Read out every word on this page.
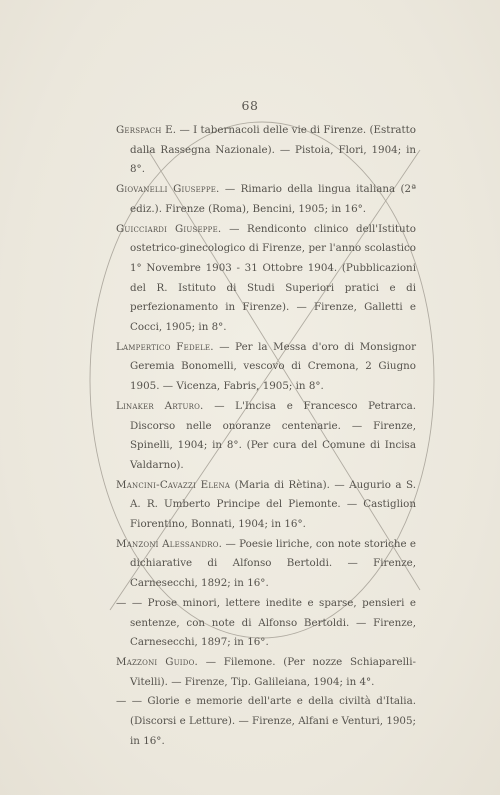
68

Gerspach E. — I tabernacoli delle vie di Firenze. (Estratto dalla Rassegna Nazionale). — Pistoia, Flori, 1904; in 8°.

Giovanelli Giuseppe. — Rimario della lingua italiana (2ª ediz.). Firenze (Roma), Bencini, 1905; in 16°.

Guicciardi Giuseppe. — Rendiconto clinico dell'Istituto ostetrico-ginecologico di Firenze, per l'anno scolastico 1° Novembre 1903 - 31 Ottobre 1904. (Pubblicazioni del R. Istituto di Studi Superiori pratici e di perfezionamento in Firenze). — Firenze, Galletti e Cocci, 1905; in 8°.

Lampertico Fedele. — Per la Messa d'oro di Monsignor Geremia Bonomelli, vescovo di Cremona, 2 Giugno 1905. — Vicenza, Fabris, 1905; in 8°.

Linaker Arturo. — L'Incisa e Francesco Petrarca. Discorso nelle onoranze centenarie. — Firenze, Spinelli, 1904; in 8°. (Per cura del Comune di Incisa Valdarno).

Mancini-Cavazzi Elena (Maria di Rètina). — Augurio a S. A. R. Umberto Principe del Piemonte. — Castiglion Fiorentino, Bonnati, 1904; in 16°.

Manzoni Alessandro. — Poesie liriche, con note storiche e dichiarative di Alfonso Bertoldi. — Firenze, Carnesecchi, 1892; in 16°.

— — Prose minori, lettere inedite e sparse, pensieri e sentenze, con note di Alfonso Bertoldi. — Firenze, Carnesecchi, 1897; in 16°.

Mazzoni Guido. — Filemone. (Per nozze Schiaparelli-Vitelli). — Firenze, Tip. Galileiana, 1904; in 4°.

— — Glorie e memorie dell'arte e della civiltà d'Italia. (Discorsi e Letture). — Firenze, Alfani e Venturi, 1905; in 16°.
